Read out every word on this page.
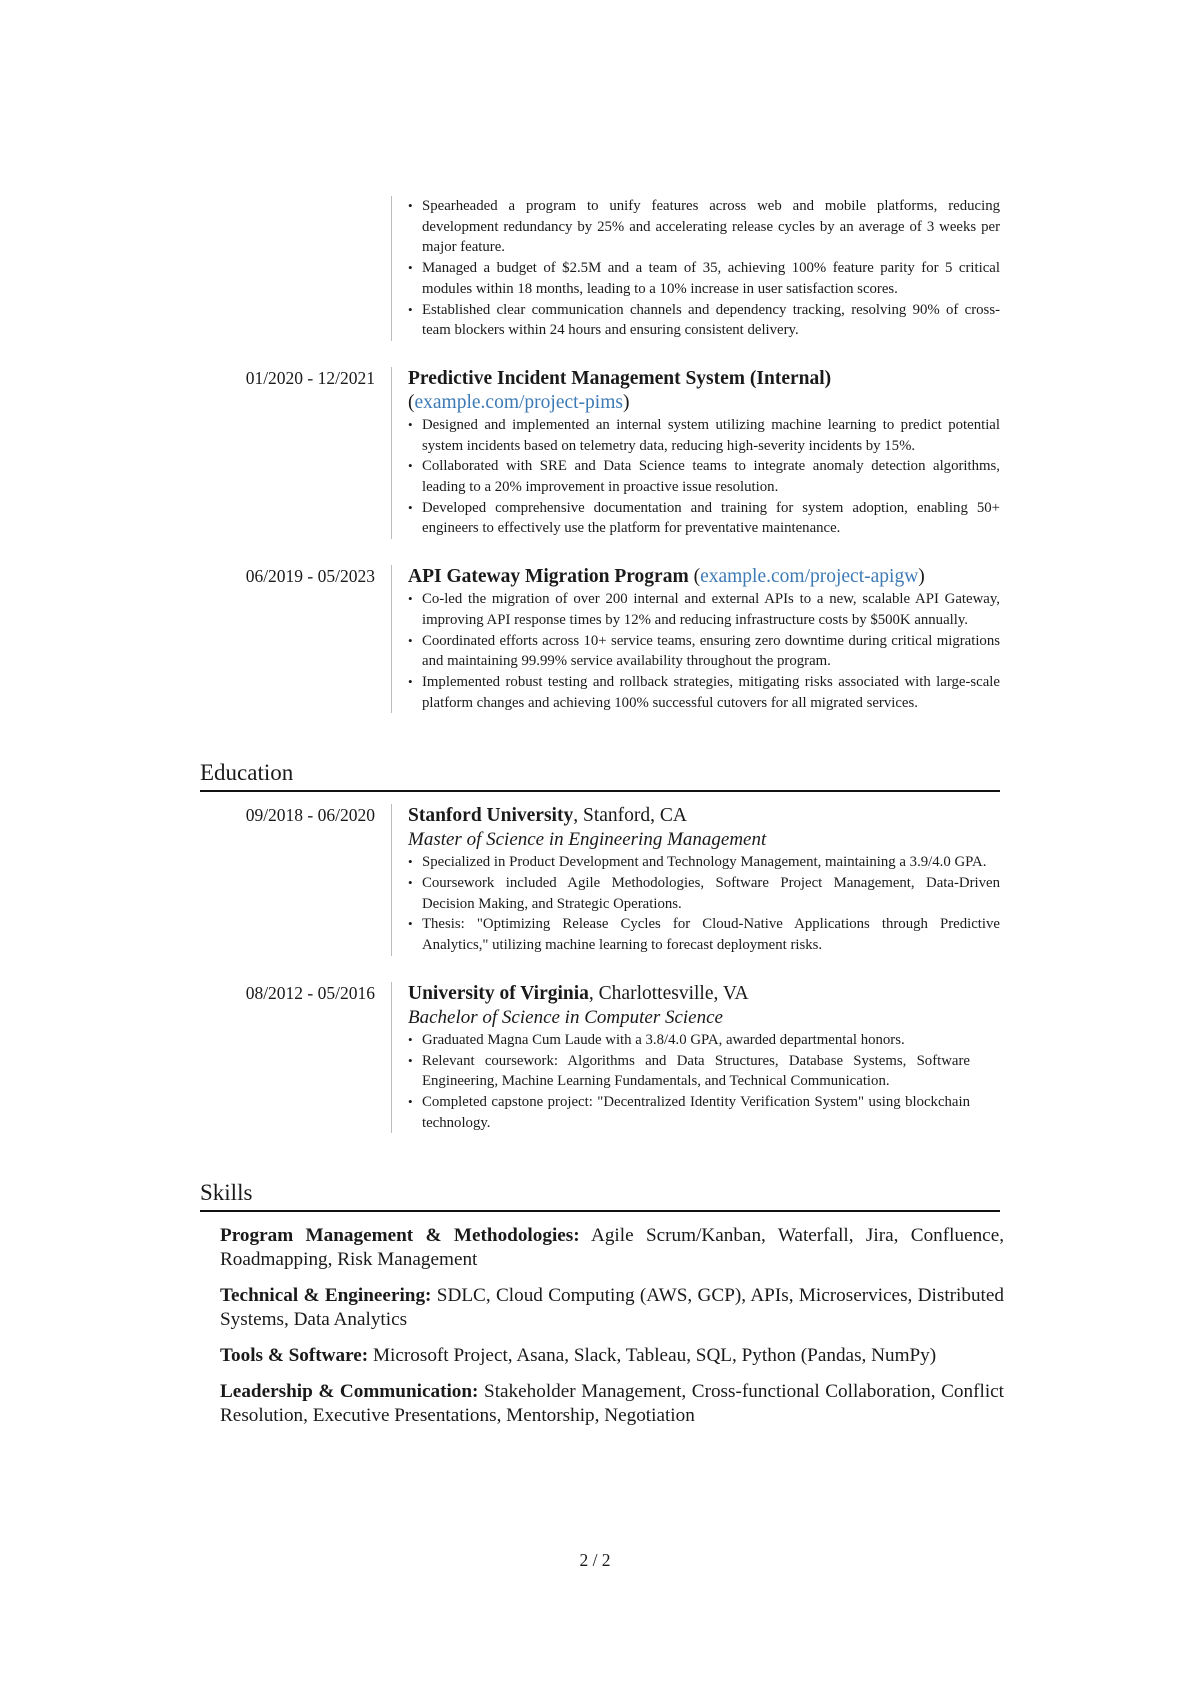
• Spearheaded a program to unify features across web and mobile platforms, reducing development redundancy by 25% and accelerating release cycles by an average of 3 weeks per major feature.
• Managed a budget of $2.5M and a team of 35, achieving 100% feature parity for 5 critical modules within 18 months, leading to a 10% increase in user satisfaction scores.
• Established clear communication channels and dependency tracking, resolving 90% of cross-team blockers within 24 hours and ensuring consistent delivery.
01/2020 - 12/2021	Predictive Incident Management System (Internal) (example.com/project-pims)
• Designed and implemented an internal system utilizing machine learning to predict potential system incidents based on telemetry data, reducing high-severity incidents by 15%.
• Collaborated with SRE and Data Science teams to integrate anomaly detection algorithms, leading to a 20% improvement in proactive issue resolution.
• Developed comprehensive documentation and training for system adoption, enabling 50+ engineers to effectively use the platform for preventative maintenance.
06/2019 - 05/2023	API Gateway Migration Program (example.com/project-apigw)
• Co-led the migration of over 200 internal and external APIs to a new, scalable API Gateway, improving API response times by 12% and reducing infrastructure costs by $500K annually.
• Coordinated efforts across 10+ service teams, ensuring zero downtime during critical migrations and maintaining 99.99% service availability throughout the program.
• Implemented robust testing and rollback strategies, mitigating risks associated with large-scale platform changes and achieving 100% successful cutovers for all migrated services.
Education
09/2018 - 06/2020	Stanford University, Stanford, CA
Master of Science in Engineering Management
• Specialized in Product Development and Technology Management, maintaining a 3.9/4.0 GPA.
• Coursework included Agile Methodologies, Software Project Management, Data-Driven Decision Making, and Strategic Operations.
• Thesis: "Optimizing Release Cycles for Cloud-Native Applications through Predictive Analytics," utilizing machine learning to forecast deployment risks.
08/2012 - 05/2016	University of Virginia, Charlottesville, VA
Bachelor of Science in Computer Science
• Graduated Magna Cum Laude with a 3.8/4.0 GPA, awarded departmental honors.
• Relevant coursework: Algorithms and Data Structures, Database Systems, Software Engineering, Machine Learning Fundamentals, and Technical Communication.
• Completed capstone project: "Decentralized Identity Verification System" using blockchain technology.
Skills
Program Management & Methodologies: Agile Scrum/Kanban, Waterfall, Jira, Confluence, Roadmapping, Risk Management
Technical & Engineering: SDLC, Cloud Computing (AWS, GCP), APIs, Microservices, Distributed Systems, Data Analytics
Tools & Software: Microsoft Project, Asana, Slack, Tableau, SQL, Python (Pandas, NumPy)
Leadership & Communication: Stakeholder Management, Cross-functional Collaboration, Conflict Resolution, Executive Presentations, Mentorship, Negotiation
2 / 2
